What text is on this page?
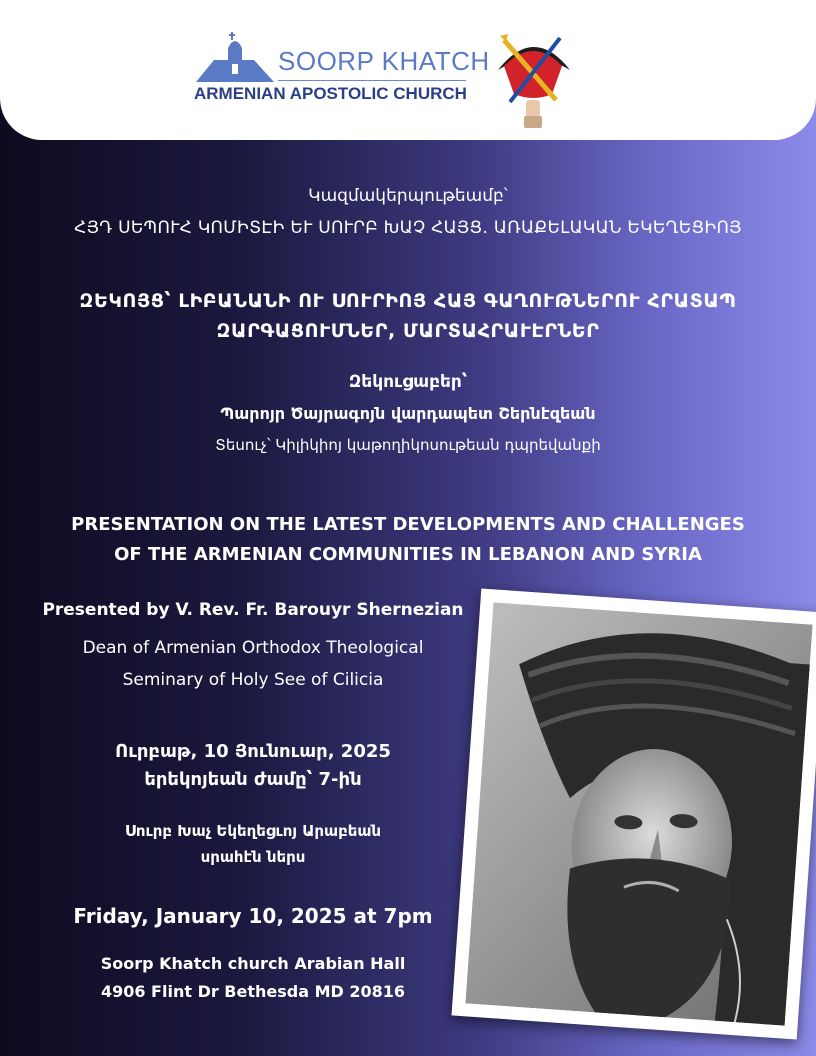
SOORP KHATCH
ARMENIAN APOSTOLIC CHURCH
Կազմակերպութեամբ՝
ՀՅԴ ՍԵՊՈՒՀ ԿՈՄԻՏԷԻ ԵՒ ՍՈՒՐԲ ԽԱՉ ՀԱՅՑ. ԱՌԱՔԵԼԱԿԱՆ ԵԿԵՂԵՑԻՈՅ
ԶԵԿՈՅՑ՝ ԼԻԲԱՆԱՆԻ ՈՒ ՍՈՒՐԻՈՅ ՀԱՅ ԳԱՂՈՒԹՆԵՐՈՒ ՀՐԱՏԱՊ
ԶԱՐԳԱՑՈՒՄՆԵՐ, ՄԱՐՏԱՀՐԱՒԷՐՆԵՐ
Զեկուցաբեր՝
Պարոյր Ծայրագոյն վարդապետ Շերնէզեան
Տեսուչ՝ Կիլիկիոյ կաթողիկոսութեան դպրեվանքի
PRESENTATION ON THE LATEST DEVELOPMENTS AND CHALLENGES
OF THE ARMENIAN COMMUNITIES IN LEBANON AND SYRIA
Presented by V. Rev. Fr. Barouyr Shernezian
Dean of Armenian Orthodox Theological
Seminary of Holy See of Cilicia
Ուրբաթ, 10 Յունուար, 2025
երեկոյեան ժամը՝ 7-ին
Սուրբ Խաչ Եկեղեցւոյ Արաբեան
սրահէն ներս
Friday, January 10, 2025 at 7pm
Soorp Khatch church Arabian Hall
4906 Flint Dr Bethesda MD 20816
